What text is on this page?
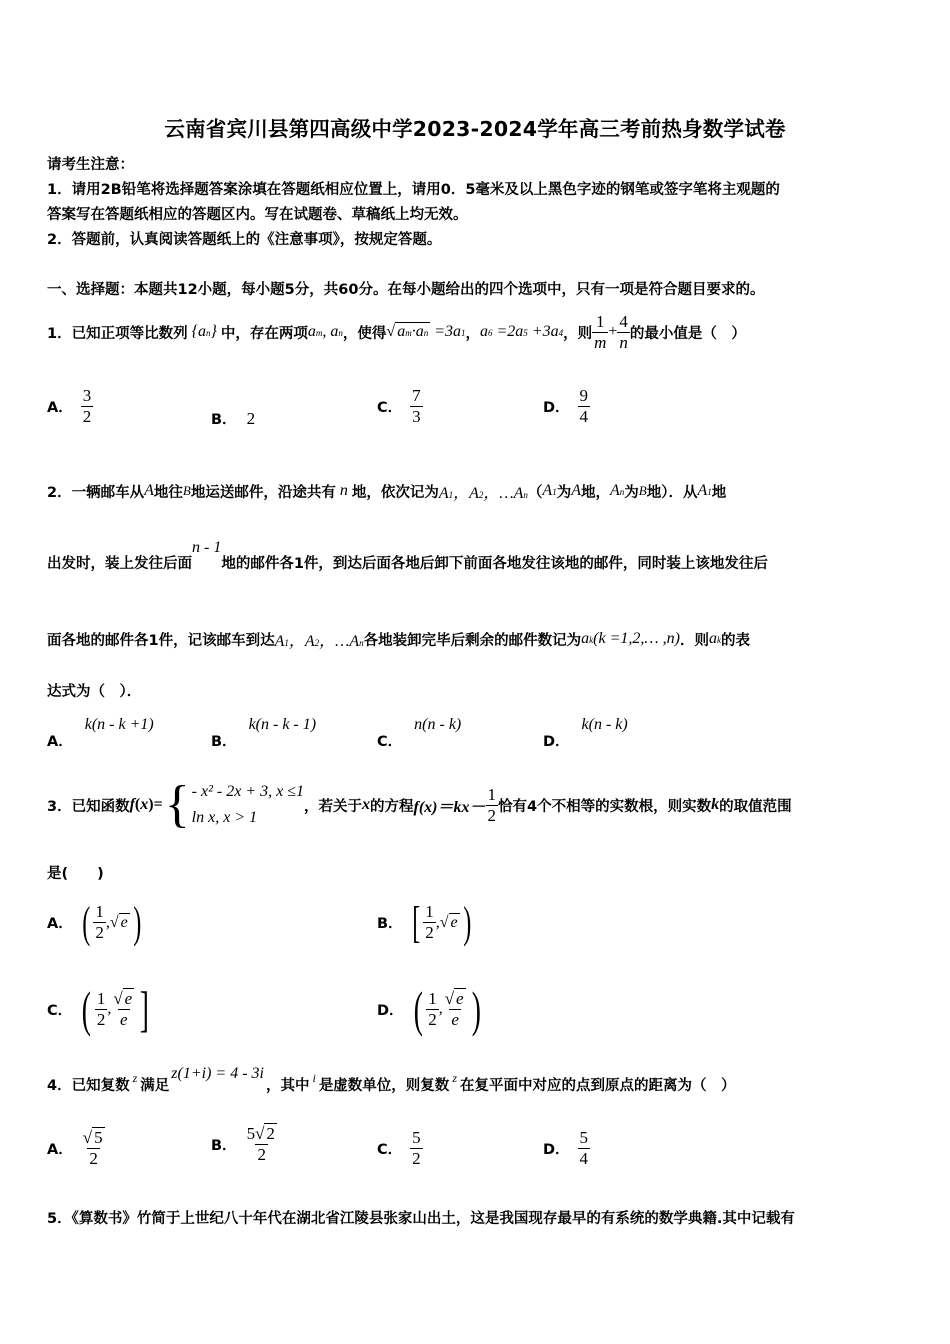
云南省宾川县第四高级中学2023-2024学年高三考前热身数学试卷
请考生注意：
1．请用2B铅笔将选择题答案涂填在答题纸相应位置上，请用0．5毫米及以上黑色字迹的钢笔或签字笔将主观题的
答案写在答题纸相应的答题区内。写在试题卷、草稿纸上均无效。
2．答题前，认真阅读答题纸上的《注意事项》，按规定答题。
一、选择题：本题共12小题，每小题5分，共60分。在每小题给出的四个选项中，只有一项是符合题目要求的。
1．已知正项等比数列 {an} 中，存在两项 am, an ，使得 √ am·an =3a1 ， a6 =2a5 +3a4 ，则 $\frac{1}{m} + \frac{4}{n}$ 的最小值是（　）
A． $\frac{3}{2}$	B． 2
C． $\frac{7}{3}$	D． $\frac{9}{4}$
2．一辆邮车从 A 地往 B 地运送邮件，沿途共有 n 地，依次记为 A1，A2，…An （ A1 为 A 地， An 为 B 地）．从 A1 地
出发时，装上发往后面
n - 1
地的邮件各1件，到达后面各地后卸下前面各地发往该地的邮件，同时装上该地发往后
面各地的邮件各1件，记该邮车到达 A1，A2，…An 各地装卸完毕后剩余的邮件数记为 ak(k =1,2,… ,n) ．则 ak 的表
达式为（　）．
A．
k(n - k +1)
B．
k(n - k - 1)
C．
n(n - k)
D．
k(n - k)
3．已知函数 f ( x )= { - x² - 2x + 3, x ≤1
ln x, x > 1
，若关于 x 的方程 $f(x)=kx- \frac{1}{2}$ 恰有4个不相等的实数根，则实数 k 的取值范围
是(　　)
A． ( $\frac{1}{2}$ , √ e )	B． [ $\frac{1}{2}$ , √ e )
C． ( $\frac{1}{2}$ , $\frac{√ e}{e}$ ]	D． ( $\frac{1}{2}$ , $\frac{√ e}{e}$ )
4．已知复数 z 满足
z(1+i) = 4 - 3i
，其中 i 是虚数单位，则复数 z 在复平面中对应的点到原点的距离为（　）
A． $\frac{√ 5}{2}$	B． $\frac{5√ 2}{2}$	C． $\frac{5}{2}$	D． $\frac{5}{4}$
5．《算数书》竹简于上世纪八十年代在湖北省江陵县张家山出土，这是我国现存最早的有系统的数学典籍.其中记载有
